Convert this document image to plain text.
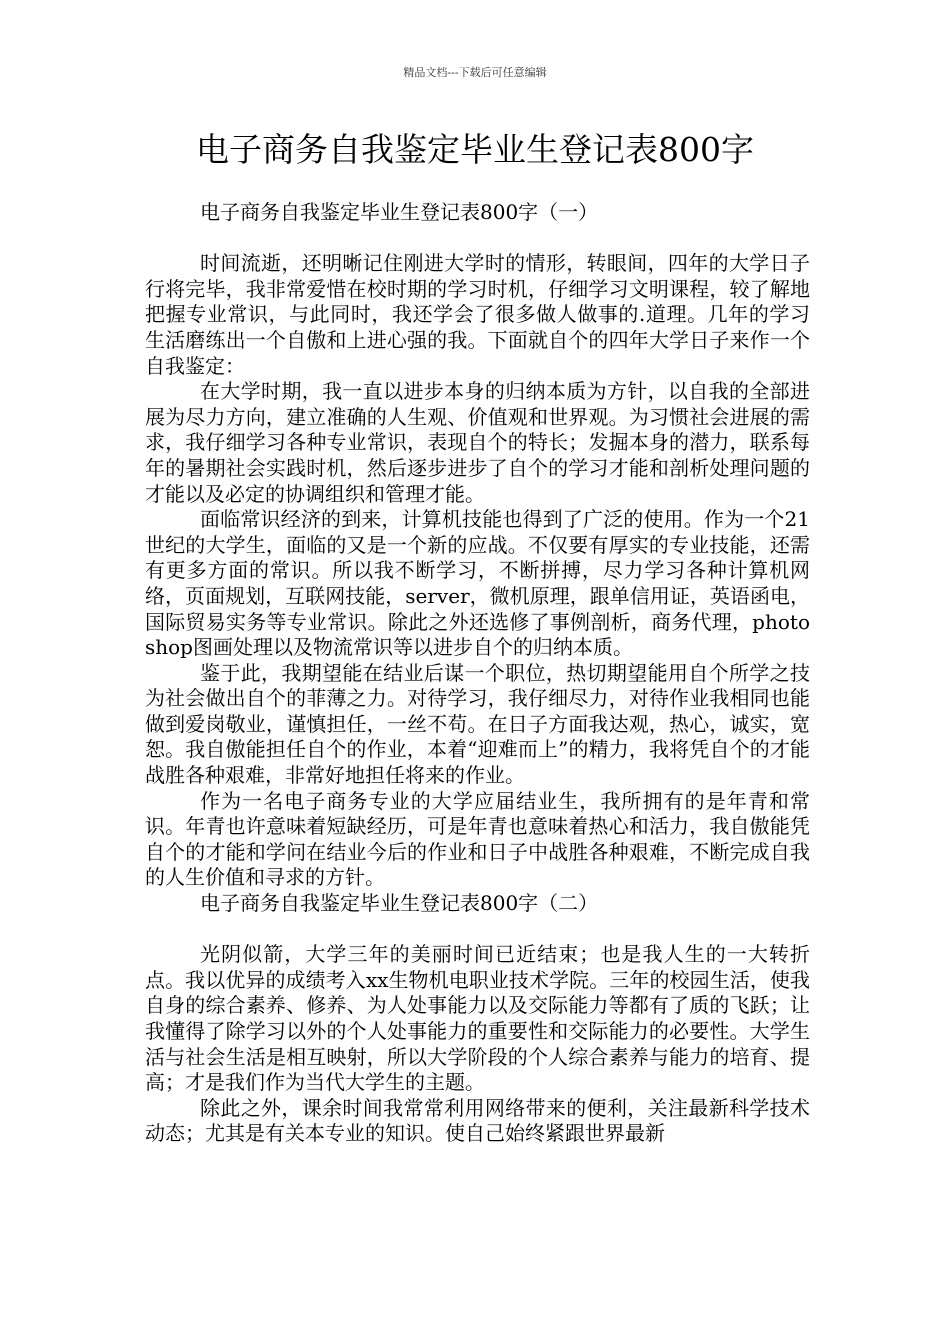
精品文档---下载后可任意编辑
电子商务自我鉴定毕业生登记表800字
电子商务自我鉴定毕业生登记表800字（一）

时间流逝，还明晰记住刚进大学时的情形，转眼间，四年的大学日子行将完毕，我非常爱惜在校时期的学习时机，仔细学习文明课程，较了解地把握专业常识，与此同时，我还学会了很多做人做事的.道理。几年的学习生活磨练出一个自傲和上进心强的我。下面就自个的四年大学日子来作一个自我鉴定：

在大学时期，我一直以进步本身的归纳本质为方针，以自我的全部进展为尽力方向，建立准确的人生观、价值观和世界观。为习惯社会进展的需求，我仔细学习各种专业常识，表现自个的特长；发掘本身的潜力，联系每年的暑期社会实践时机，然后逐步进步了自个的学习才能和剖析处理问题的才能以及必定的协调组织和管理才能。

面临常识经济的到来，计算机技能也得到了广泛的使用。作为一个21世纪的大学生，面临的又是一个新的应战。不仅要有厚实的专业技能，还需有更多方面的常识。所以我不断学习，不断拼搏，尽力学习各种计算机网络，页面规划，互联网技能，server，微机原理，跟单信用证，英语函电，国际贸易实务等专业常识。除此之外还选修了事例剖析，商务代理，photoshop图画处理以及物流常识等以进步自个的归纳本质。

鉴于此，我期望能在结业后谋一个职位，热切期望能用自个所学之技为社会做出自个的菲薄之力。对待学习，我仔细尽力，对待作业我相同也能做到爱岗敬业，谨慎担任，一丝不苟。在日子方面我达观，热心，诚实，宽恕。我自傲能担任自个的作业，本着“迎难而上”的精力，我将凭自个的才能战胜各种艰难，非常好地担任将来的作业。

作为一名电子商务专业的大学应届结业生，我所拥有的是年青和常识。年青也许意味着短缺经历，可是年青也意味着热心和活力，我自傲能凭自个的才能和学问在结业今后的作业和日子中战胜各种艰难，不断完成自我的人生价值和寻求的方针。

电子商务自我鉴定毕业生登记表800字（二）

光阴似箭，大学三年的美丽时间已近结束；也是我人生的一大转折点。我以优异的成绩考入xx生物机电职业技术学院。三年的校园生活，使我自身的综合素养、修养、为人处事能力以及交际能力等都有了质的飞跃；让我懂得了除学习以外的个人处事能力的重要性和交际能力的必要性。大学生活与社会生活是相互映射，所以大学阶段的个人综合素养与能力的培育、提高；才是我们作为当代大学生的主题。

除此之外，课余时间我常常利用网络带来的便利，关注最新科学技术动态；尤其是有关本专业的知识。使自己始终紧跟世界最新
